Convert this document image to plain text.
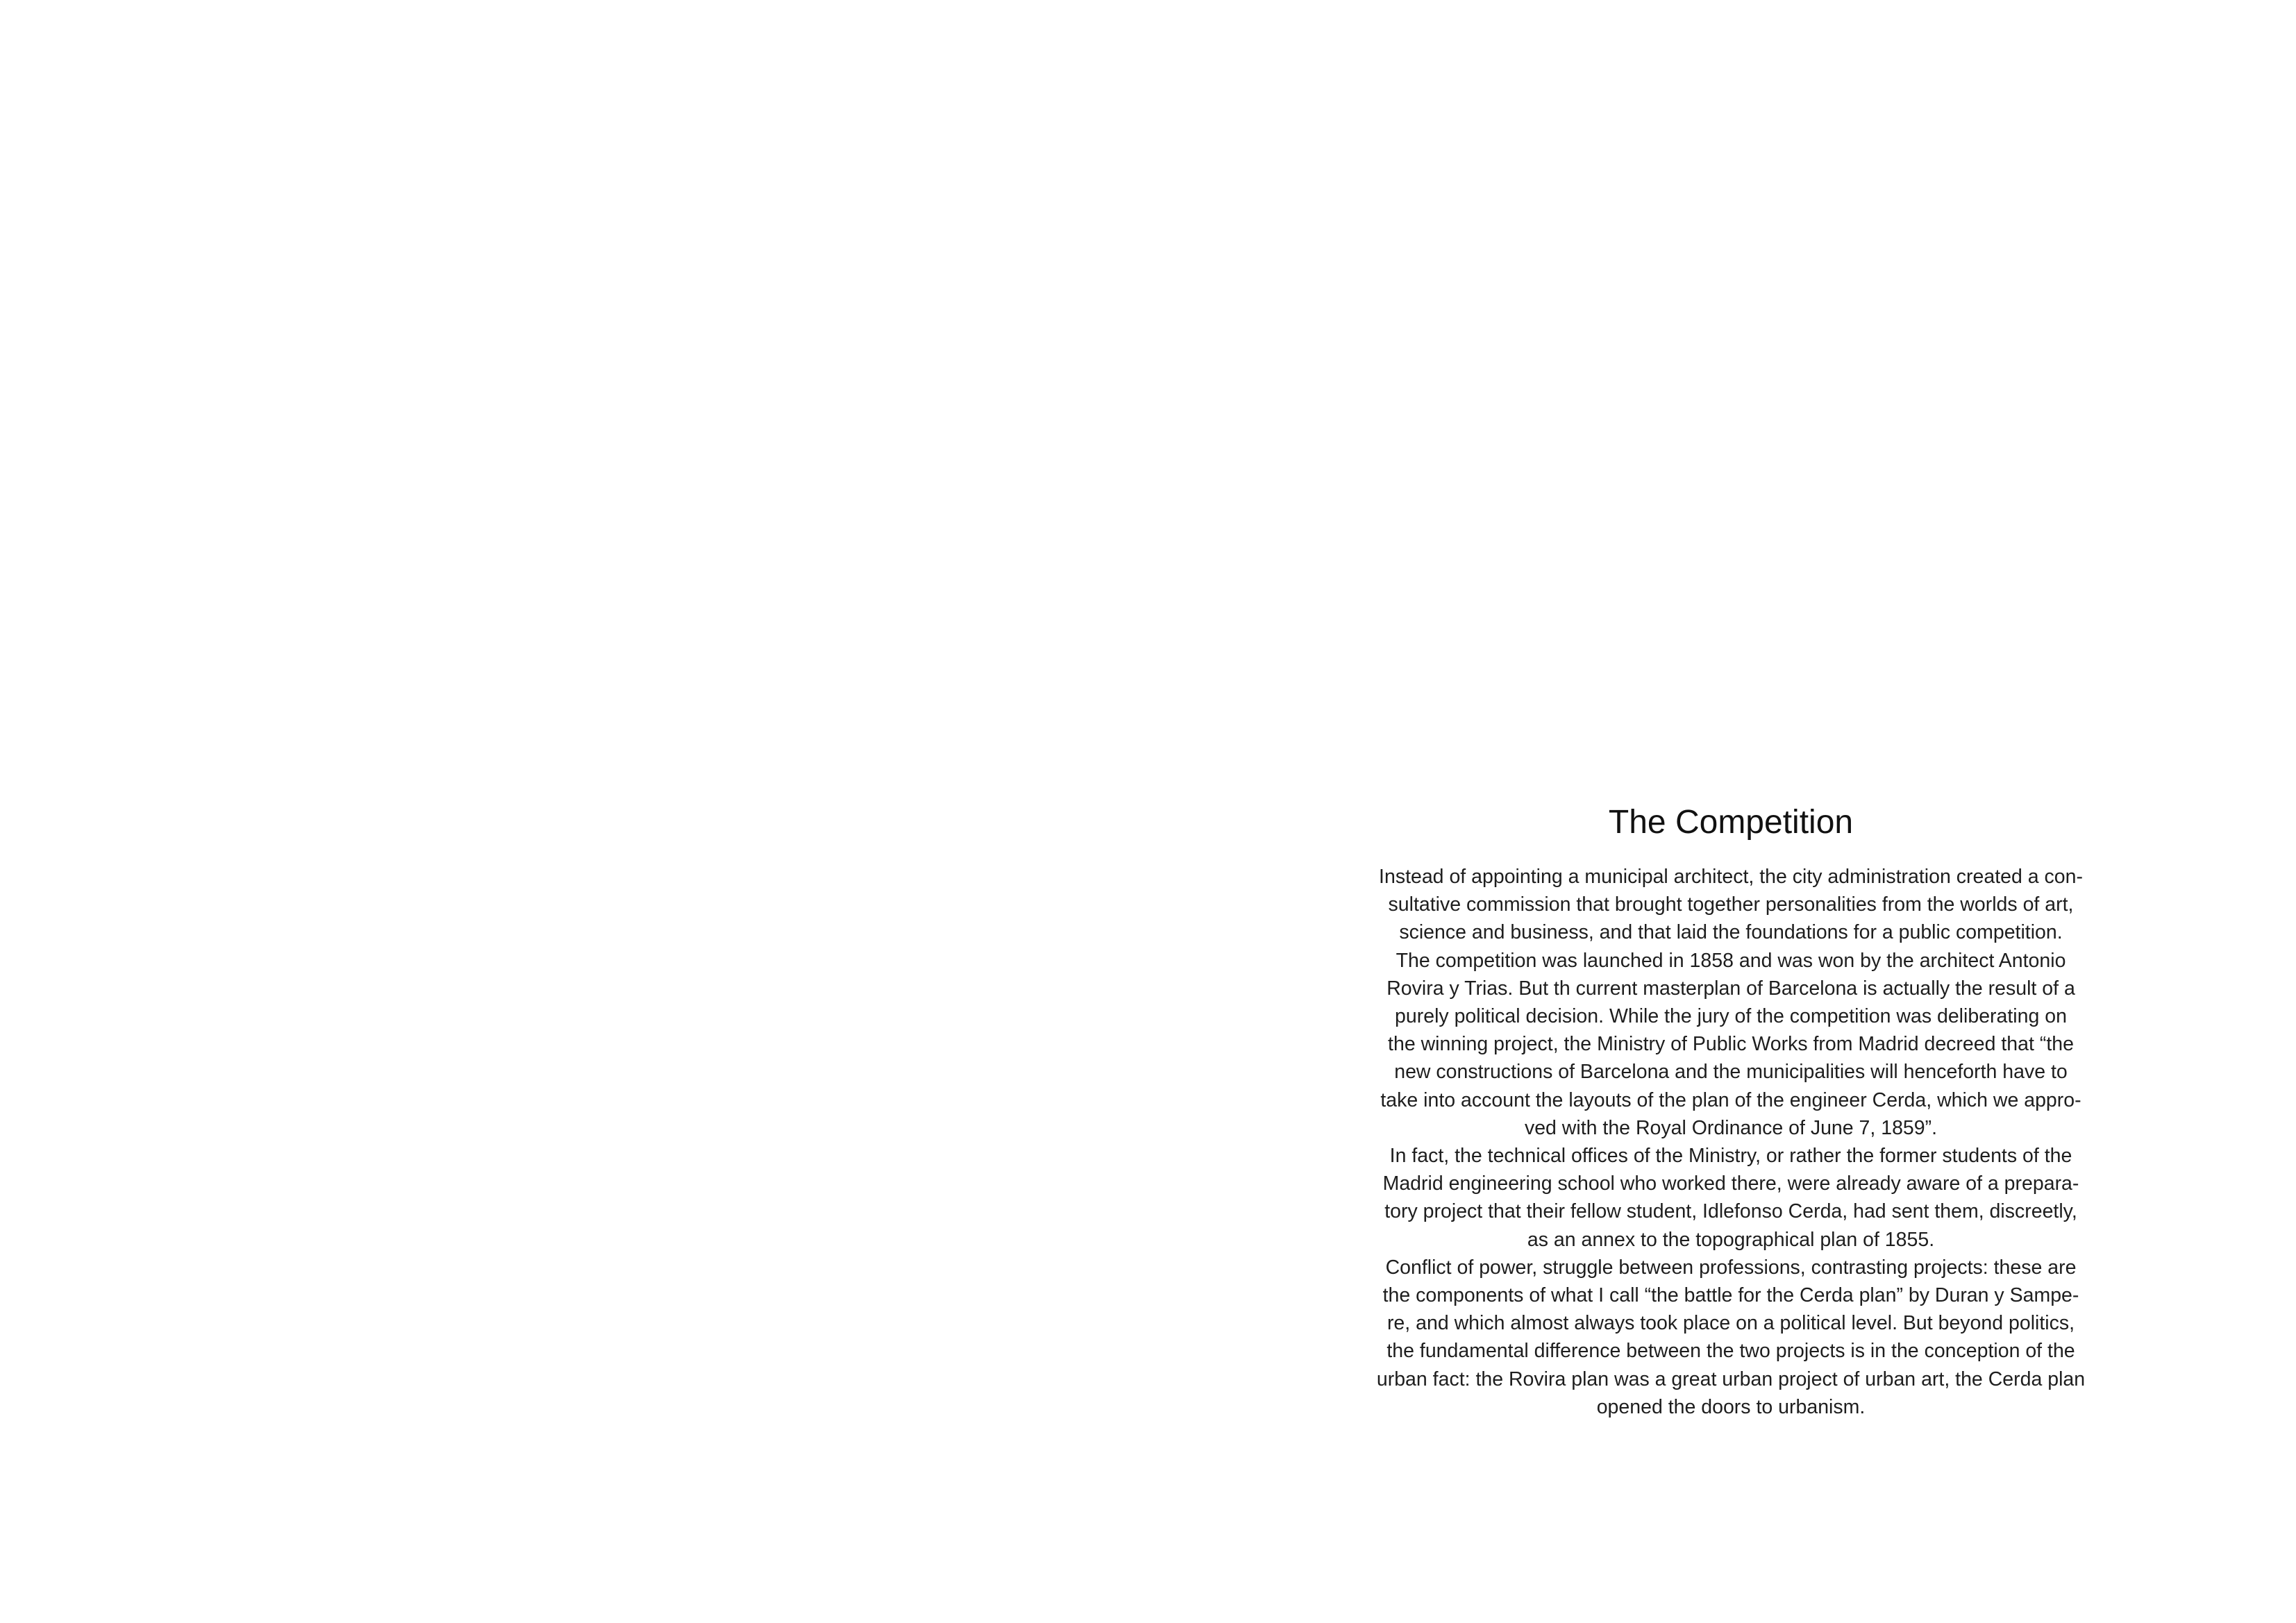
The Competition

Instead of appointing a municipal architect, the city administration created a con-
sultative commission that brought together personalities from the worlds of art,
science and business, and that laid the foundations for a public competition.

The competition was launched in 1858 and was won by the architect Antonio
Rovira y Trias. But th current masterplan of Barcelona is actually the result of a
purely political decision. While the jury of the competition was deliberating on
the winning project, the Ministry of Public Works from Madrid decreed that “the
new constructions of Barcelona and the municipalities will henceforth have to
take into account the layouts of the plan of the engineer Cerda, which we appro-
ved with the Royal Ordinance of June 7, 1859”.

In fact, the technical offices of the Ministry, or rather the former students of the
Madrid engineering school who worked there, were already aware of a prepara-
tory project that their fellow student, Idlefonso Cerda, had sent them, discreetly,
as an annex to the topographical plan of 1855.

Conflict of power, struggle between professions, contrasting projects: these are
the components of what I call “the battle for the Cerda plan” by Duran y Sampe-
re, and which almost always took place on a political level. But beyond politics,
the fundamental difference between the two projects is in the conception of the
urban fact: the Rovira plan was a great urban project of urban art, the Cerda plan
opened the doors to urbanism.
